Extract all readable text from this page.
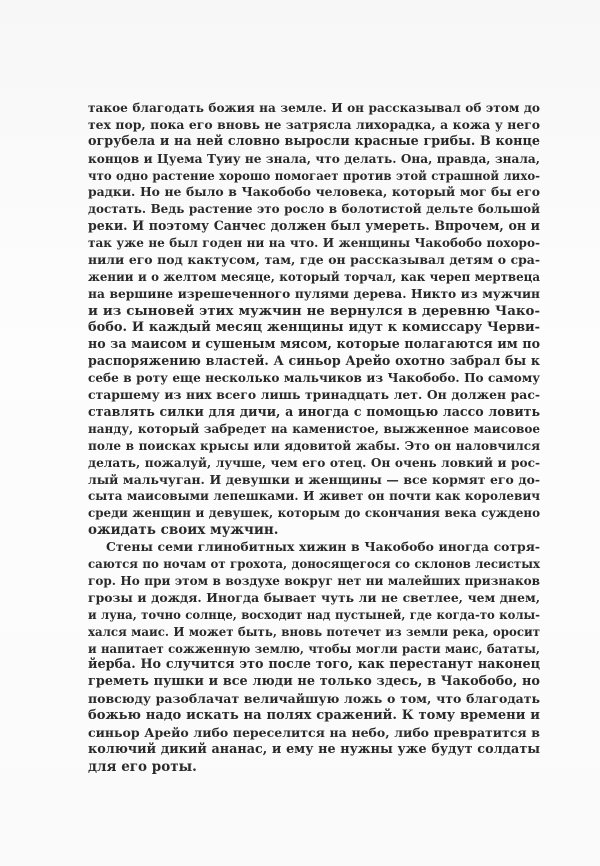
такое благодать божия на земле. И он рассказывал об этом до
тех пор, пока его вновь не затрясла лихорадка, а кожа у него
огрубела и на ней словно выросли красные грибы. В конце
концов и Цуема Туиу не знала, что делать. Она, правда, знала,
что одно растение хорошо помогает против этой страшной лихо-
радки. Но не было в Чакобобо человека, который мог бы его
достать. Ведь растение это росло в болотистой дельте большой
реки. И поэтому Санчес должен был умереть. Впрочем, он и
так уже не был годен ни на что. И женщины Чакобобо похоро-
нили его под кактусом, там, где он рассказывал детям о сра-
жении и о желтом месяце, который торчал, как череп мертвеца
на вершине изрешеченного пулями дерева. Никто из мужчин
и из сыновей этих мужчин не вернулся в деревню Чако-
бобо. И каждый месяц женщины идут к комиссару Черви-
но за маисом и сушеным мясом, которые полагаются им по
распоряжению властей. А синьор Арейо охотно забрал бы к
себе в роту еще несколько мальчиков из Чакобобо. По самому
старшему из них всего лишь тринадцать лет. Он должен рас-
ставлять силки для дичи, а иногда с помощью лассо ловить
нанду, который забредет на каменистое, выжженное маисовое
поле в поисках крысы или ядовитой жабы. Это он наловчился
делать, пожалуй, лучше, чем его отец. Он очень ловкий и рос-
лый мальчуган. И девушки и женщины — все кормят его до-
сыта маисовыми лепешками. И живет он почти как королевич
среди женщин и девушек, которым до скончания века суждено
ожидать своих мужчин.
Стены семи глинобитных хижин в Чакобобо иногда сотря-
саются по ночам от грохота, доносящегося со склонов лесистых
гор. Но при этом в воздухе вокруг нет ни малейших признаков
грозы и дождя. Иногда бывает чуть ли не светлее, чем днем,
и луна, точно солнце, восходит над пустыней, где когда-то колы-
хался маис. И может быть, вновь потечет из земли река, оросит
и напитает сожженную землю, чтобы могли расти маис, бататы,
йерба. Но случится это после того, как перестанут наконец
греметь пушки и все люди не только здесь, в Чакобобо, но
повсюду разоблачат величайшую ложь о том, что благодать
божью надо искать на полях сражений. К тому времени и
синьор Арейо либо переселится на небо, либо превратится в
колючий дикий ананас, и ему не нужны уже будут солдаты
для его роты.
